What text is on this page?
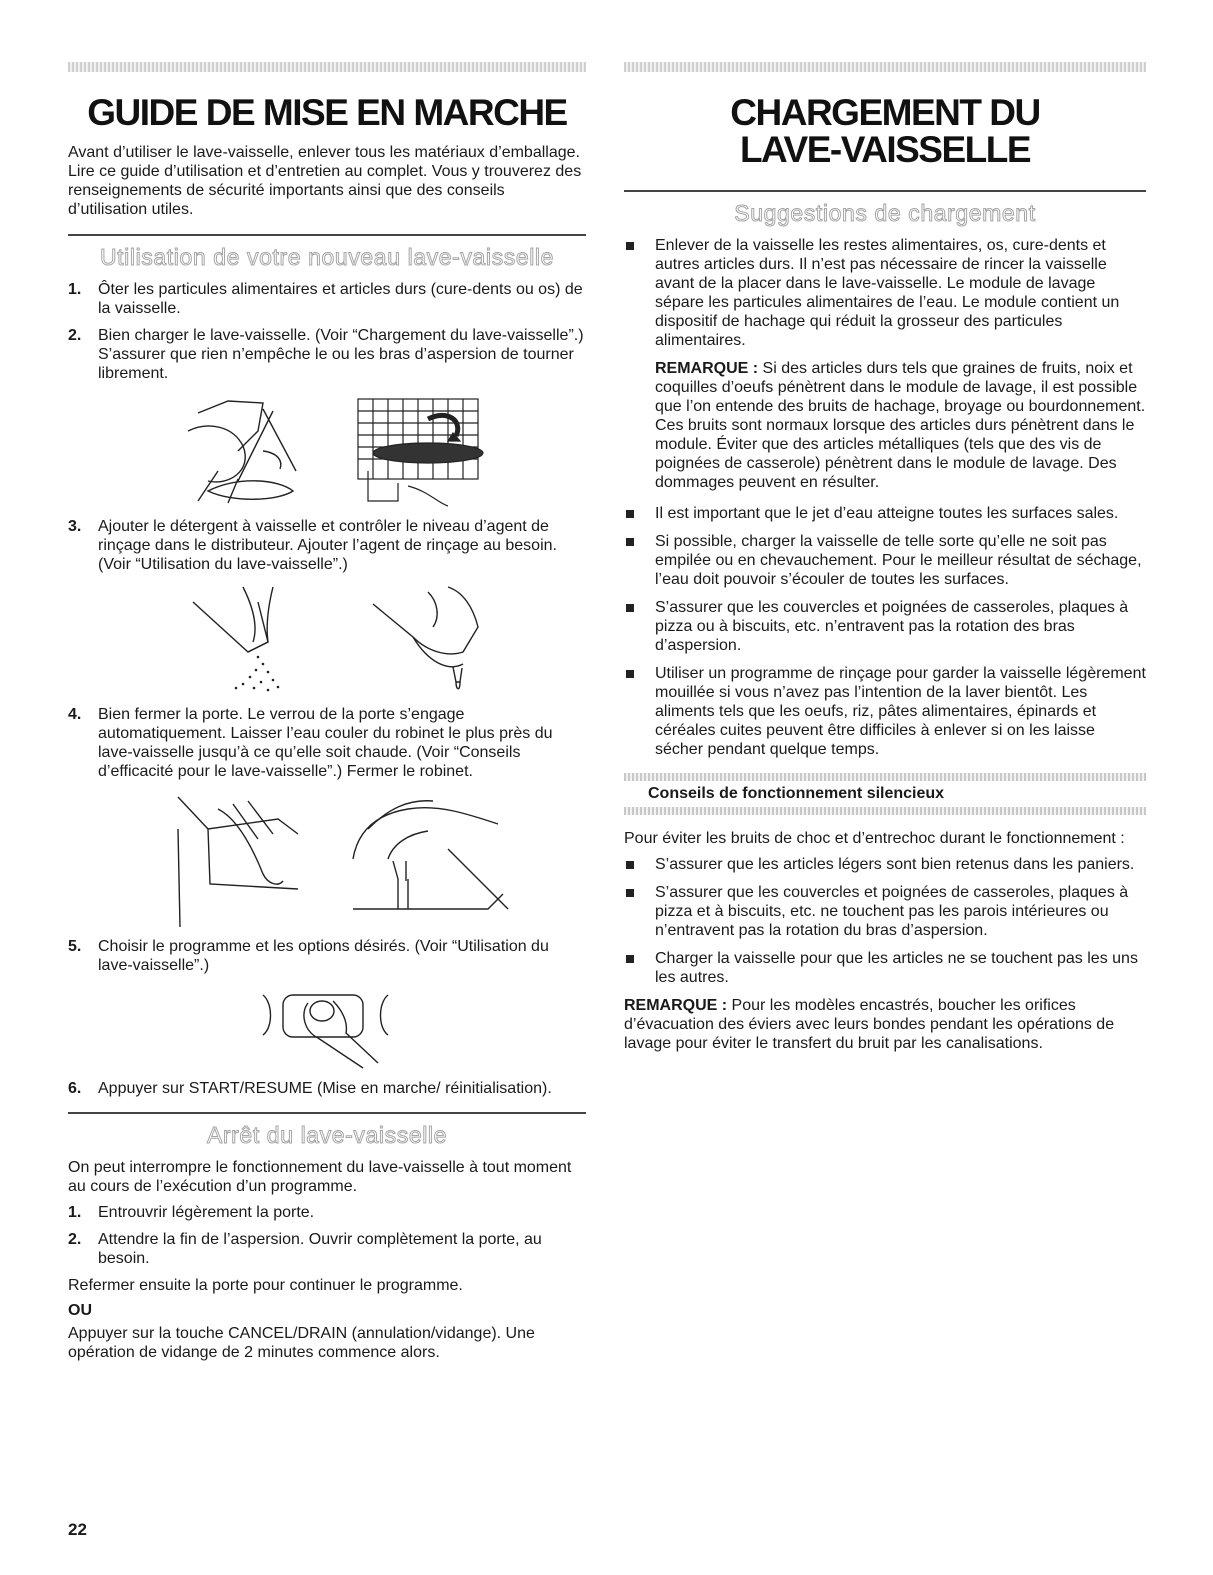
GUIDE DE MISE EN MARCHE

Avant d’utiliser le lave-vaisselle, enlever tous les matériaux d’emballage. Lire ce guide d’utilisation et d’entretien au complet. Vous y trouverez des renseignements de sécurité importants ainsi que des conseils d’utilisation utiles.

Utilisation de votre nouveau lave-vaisselle
1.	Ôter les particules alimentaires et articles durs (cure-dents ou os) de la vaisselle.
2.	Bien charger le lave-vaisselle. (Voir “Chargement du lave-vaisselle”.) S’assurer que rien n’empêche le ou les bras d’aspersion de tourner librement.
3.	Ajouter le détergent à vaisselle et contrôler le niveau d’agent de rinçage dans le distributeur. Ajouter l’agent de rinçage au besoin. (Voir “Utilisation du lave-vaisselle”.)
4.	Bien fermer la porte. Le verrou de la porte s’engage automatiquement. Laisser l’eau couler du robinet le plus près du lave-vaisselle jusqu’à ce qu’elle soit chaude. (Voir “Conseils d’efficacité pour le lave-vaisselle”.) Fermer le robinet.
5.	Choisir le programme et les options désirés. (Voir “Utilisation du lave-vaisselle”.)
6.	Appuyer sur START/RESUME (Mise en marche/ réinitialisation).
Arrêt du lave-vaisselle

On peut interrompre le fonctionnement du lave-vaisselle à tout moment au cours de l’exécution d’un programme.

1.	Entrouvrir légèrement la porte.
2.	Attendre la fin de l’aspersion. Ouvrir complètement la porte, au besoin.

Refermer ensuite la porte pour continuer le programme.

OU

Appuyer sur la touche CANCEL/DRAIN (annulation/vidange). Une opération de vidange de 2 minutes commence alors.

CHARGEMENT DU
LAVE-VAISSELLE
Suggestions de chargement
Enlever de la vaisselle les restes alimentaires, os, cure-dents et autres articles durs. Il n’est pas nécessaire de rincer la vaisselle avant de la placer dans le lave-vaisselle. Le module de lavage sépare les particules alimentaires de l’eau. Le module contient un dispositif de hachage qui réduit la grosseur des particules alimentaires.

REMARQUE : Si des articles durs tels que graines de fruits, noix et coquilles d’oeufs pénètrent dans le module de lavage, il est possible que l’on entende des bruits de hachage, broyage ou bourdonnement. Ces bruits sont normaux lorsque des articles durs pénètrent dans le module. Éviter que des articles métalliques (tels que des vis de poignées de casserole) pénètrent dans le module de lavage. Des dommages peuvent en résulter.

Il est important que le jet d’eau atteigne toutes les surfaces sales.
Si possible, charger la vaisselle de telle sorte qu’elle ne soit pas empilée ou en chevauchement. Pour le meilleur résultat de séchage, l’eau doit pouvoir s’écouler de toutes les surfaces.
S’assurer que les couvercles et poignées de casseroles, plaques à pizza ou à biscuits, etc. n’entravent pas la rotation des bras d’aspersion.
Utiliser un programme de rinçage pour garder la vaisselle légèrement mouillée si vous n’avez pas l’intention de la laver bientôt. Les aliments tels que les oeufs, riz, pâtes alimentaires, épinards et céréales cuites peuvent être difficiles à enlever si on les laisse sécher pendant quelque temps.
Conseils de fonctionnement silencieux

Pour éviter les bruits de choc et d’entrechoc durant le fonctionnement :

S’assurer que les articles légers sont bien retenus dans les paniers.
S’assurer que les couvercles et poignées de casseroles, plaques à pizza et à biscuits, etc. ne touchent pas les parois intérieures ou n’entravent pas la rotation du bras d’aspersion.
Charger la vaisselle pour que les articles ne se touchent pas les uns les autres.

REMARQUE : Pour les modèles encastrés, boucher les orifices d’évacuation des éviers avec leurs bondes pendant les opérations de lavage pour éviter le transfert du bruit par les canalisations.

22
